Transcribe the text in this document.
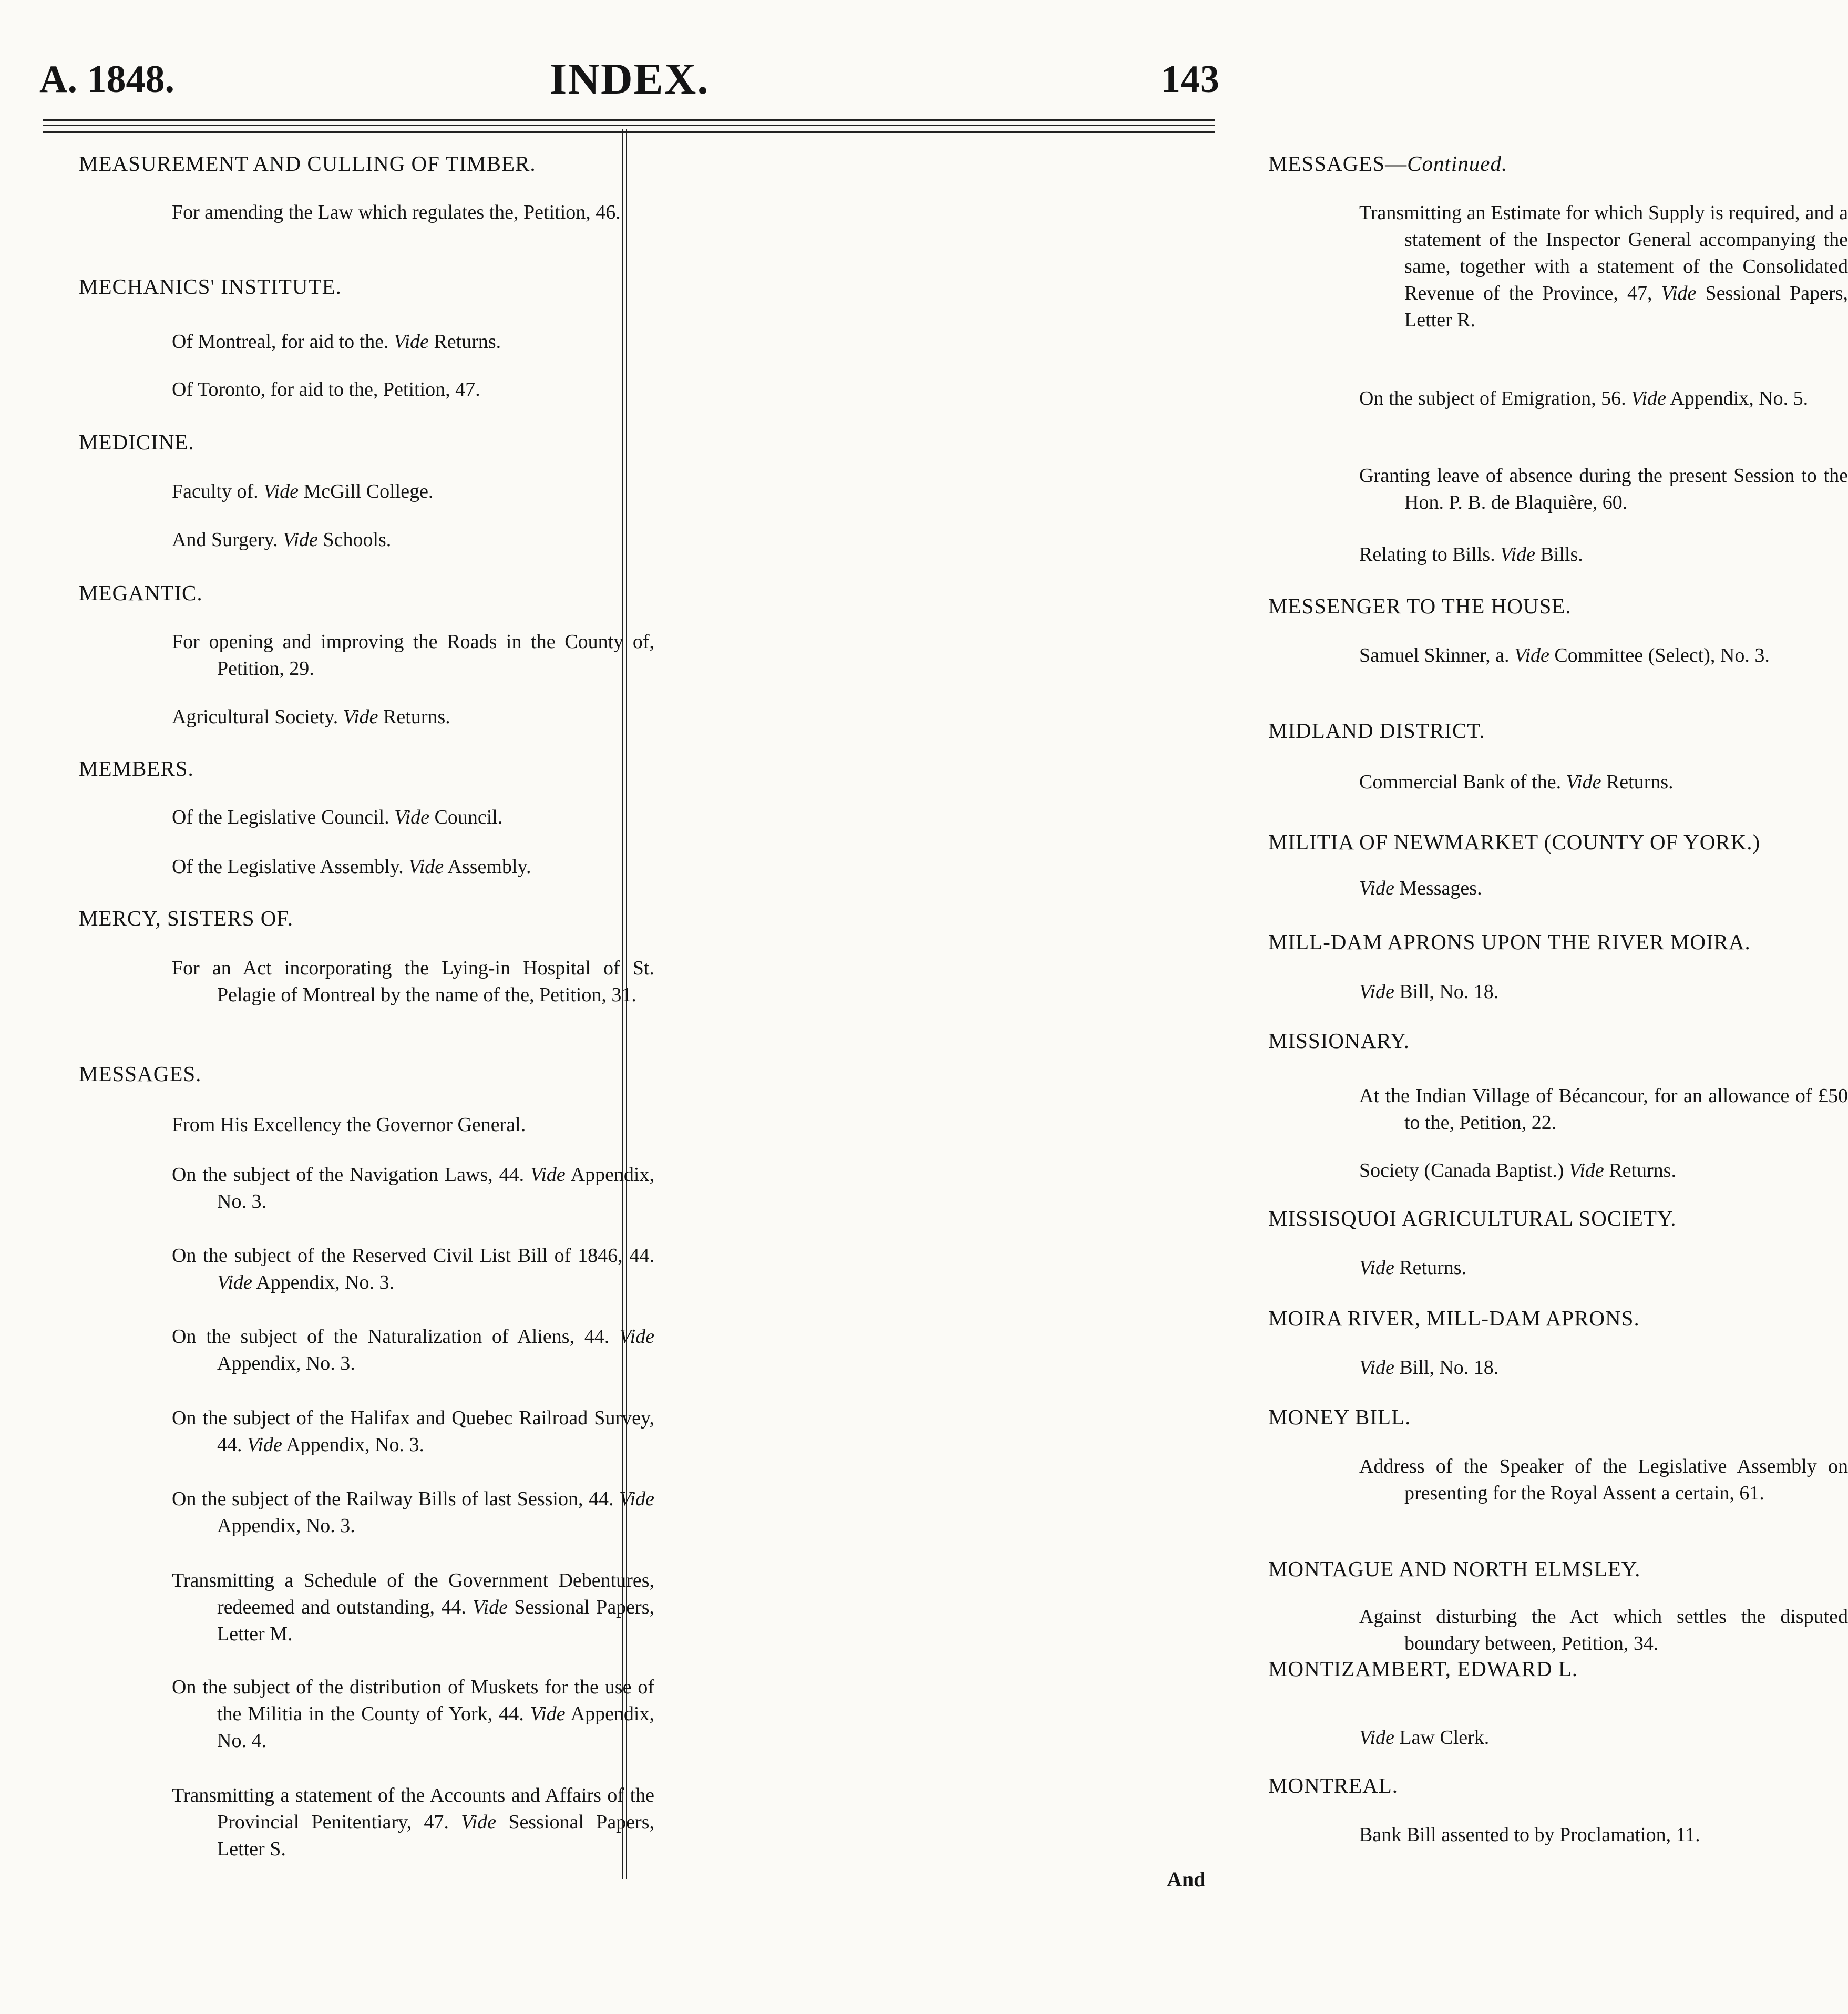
A. 1848.	INDEX.	143
MEASUREMENT AND CULLING OF TIMBER.
For amending the Law which regulates the, Petition, 46.
MECHANICS' INSTITUTE.
Of Montreal, for aid to the. Vide Returns.
Of Toronto, for aid to the, Petition, 47.
MEDICINE.
Faculty of. Vide McGill College.
And Surgery. Vide Schools.
MEGANTIC.
For opening and improving the Roads in the County of, Petition, 29.
Agricultural Society. Vide Returns.
MEMBERS.
Of the Legislative Council. Vide Council.
Of the Legislative Assembly. Vide Assembly.
MERCY, SISTERS OF.
For an Act incorporating the Lying-in Hospital of St. Pelagie of Montreal by the name of the, Petition, 31.
MESSAGES.
From His Excellency the Governor General.
On the subject of the Navigation Laws, 44. Vide Appendix, No. 3.
On the subject of the Reserved Civil List Bill of 1846, 44. Vide Appendix, No. 3.
On the subject of the Naturalization of Aliens, 44. Vide Appendix, No. 3.
On the subject of the Halifax and Quebec Railroad Survey, 44. Vide Appendix, No. 3.
On the subject of the Railway Bills of last Session, 44. Vide Appendix, No. 3.
Transmitting a Schedule of the Government Debentures, redeemed and outstanding, 44. Vide Sessional Papers, Letter M.
On the subject of the distribution of Muskets for the use of the Militia in the County of York, 44. Vide Appendix, No. 4.
Transmitting a statement of the Accounts and Affairs of the Provincial Penitentiary, 47. Vide Sessional Papers, Letter S.
MESSAGES—Continued.
Transmitting an Estimate for which Supply is required, and a statement of the Inspector General accompanying the same, together with a statement of the Consolidated Revenue of the Province, 47, Vide Sessional Papers, Letter R.
On the subject of Emigration, 56. Vide Appendix, No. 5.
Granting leave of absence during the present Session to the Hon. P. B. de Blaquière, 60.
Relating to Bills. Vide Bills.
MESSENGER TO THE HOUSE.
Samuel Skinner, a. Vide Committee (Select), No. 3.
MIDLAND DISTRICT.
Commercial Bank of the. Vide Returns.
MILITIA OF NEWMARKET (COUNTY OF YORK.)
Vide Messages.
MILL-DAM APRONS UPON THE RIVER MOIRA.
Vide Bill, No. 18.
MISSIONARY.
At the Indian Village of Bécancour, for an allowance of £50 to the, Petition, 22.
Society (Canada Baptist.) Vide Returns.
MISSISQUOI AGRICULTURAL SOCIETY.
Vide Returns.
MOIRA RIVER, MILL-DAM APRONS.
Vide Bill, No. 18.
MONEY BILL.
Address of the Speaker of the Legislative Assembly on presenting for the Royal Assent a certain, 61.
MONTAGUE AND NORTH ELMSLEY.
Against disturbing the Act which settles the disputed boundary between, Petition, 34.
MONTIZAMBERT, EDWARD L.
Vide Law Clerk.
MONTREAL.
Bank Bill assented to by Proclamation, 11.
And
